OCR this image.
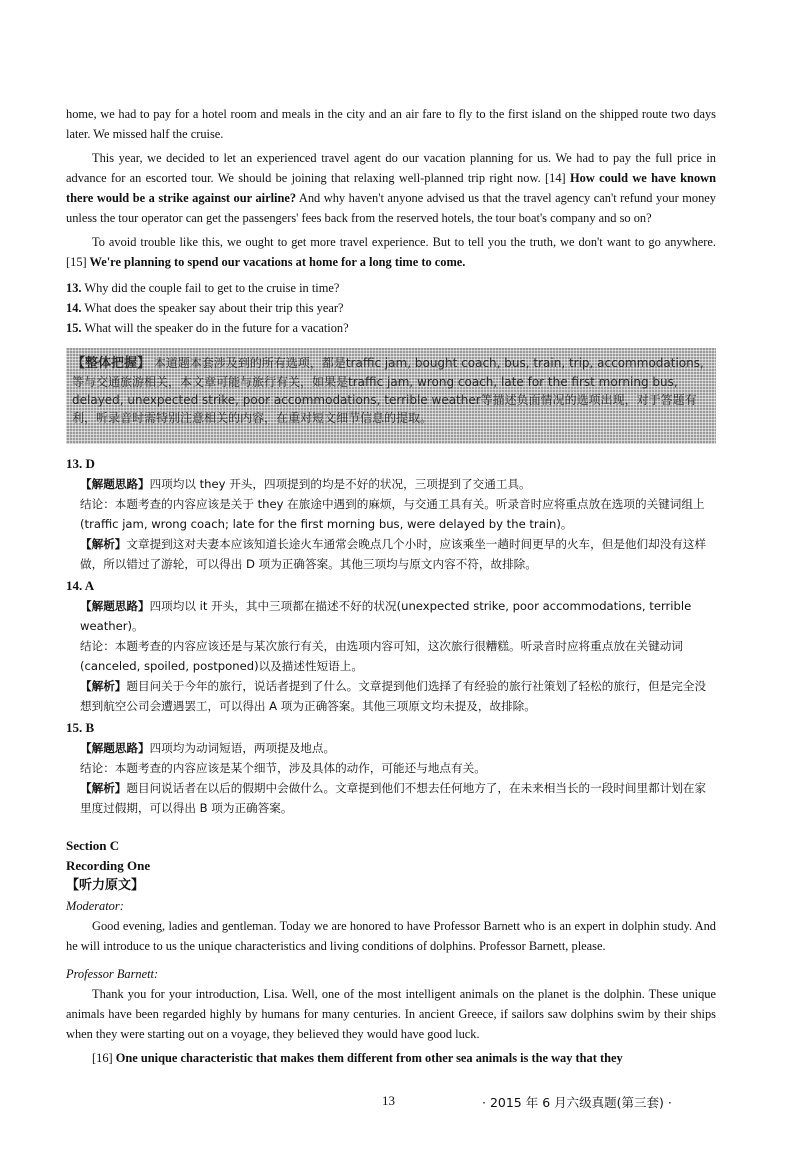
home, we had to pay for a hotel room and meals in the city and an air fare to fly to the first island on the shipped route two days later. We missed half the cruise.

This year, we decided to let an experienced travel agent do our vacation planning for us. We had to pay the full price in advance for an escorted tour. We should be joining that relaxing well-planned trip right now. [14] How could we have known there would be a strike against our airline? And why haven't anyone advised us that the travel agency can't refund your money unless the tour operator can get the passengers' fees back from the reserved hotels, the tour boat's company and so on?

To avoid trouble like this, we ought to get more travel experience. But to tell you the truth, we don't want to go anywhere. [15] We're planning to spend our vacations at home for a long time to come.

13. Why did the couple fail to get to the cruise in time?

14. What does the speaker say about their trip this year?

15. What will the speaker do in the future for a vacation?

【整体把握】 本道题本套涉及到的所有选项，都是traffic jam, bought coach, bus, train, trip, accommodations, 等与交通旅游相关，本文章可能与旅行有关，如果是traffic jam, wrong coach, late for the first morning bus, delayed, unexpected strike, poor accommodations, terrible weather等描述负面情况的选项出现，对于答题有利，听录音时需特别注意相关的内容，在重对短文细节信息的提取。
13. D

【解题思路】四项均以 they 开头，四项提到的均是不好的状况，三项提到了交通工具。

结论：本题考查的内容应该是关于 they 在旅途中遇到的麻烦，与交通工具有关。听录音时应将重点放在选项的关键词组上(traffic jam, wrong coach; late for the first morning bus, were delayed by the train)。

【解析】文章提到这对夫妻本应该知道长途火车通常会晚点几个小时，应该乘坐一趟时间更早的火车，但是他们却没有这样做，所以错过了游轮，可以得出 D 项为正确答案。其他三项均与原文内容不符，故排除。

14. A

【解题思路】四项均以 it 开头，其中三项都在描述不好的状况(unexpected strike, poor accommodations, terrible weather)。

结论：本题考查的内容应该还是与某次旅行有关，由选项内容可知，这次旅行很糟糕。听录音时应将重点放在关键动词(canceled, spoiled, postponed)以及描述性短语上。

【解析】题目问关于今年的旅行，说话者提到了什么。文章提到他们选择了有经验的旅行社策划了轻松的旅行，但是完全没想到航空公司会遭遇罢工，可以得出 A 项为正确答案。其他三项原文均未提及，故排除。

15. B

【解题思路】四项均为动词短语，两项提及地点。

结论：本题考查的内容应该是某个细节，涉及具体的动作，可能还与地点有关。

【解析】题目问说话者在以后的假期中会做什么。文章提到他们不想去任何地方了，在未来相当长的一段时间里都计划在家里度过假期，可以得出 B 项为正确答案。

Section C
Recording One
【听力原文】
Moderator:

Good evening, ladies and gentleman. Today we are honored to have Professor Barnett who is an expert in dolphin study. And he will introduce to us the unique characteristics and living conditions of dolphins. Professor Barnett, please.

Professor Barnett:

Thank you for your introduction, Lisa. Well, one of the most intelligent animals on the planet is the dolphin. These unique animals have been regarded highly by humans for many centuries. In ancient Greece, if sailors saw dolphins swim by their ships when they were starting out on a voyage, they believed they would have good luck.

[16] One unique characteristic that makes them different from other sea animals is the way that they

13	· 2015 年 6 月六级真题(第三套) ·
